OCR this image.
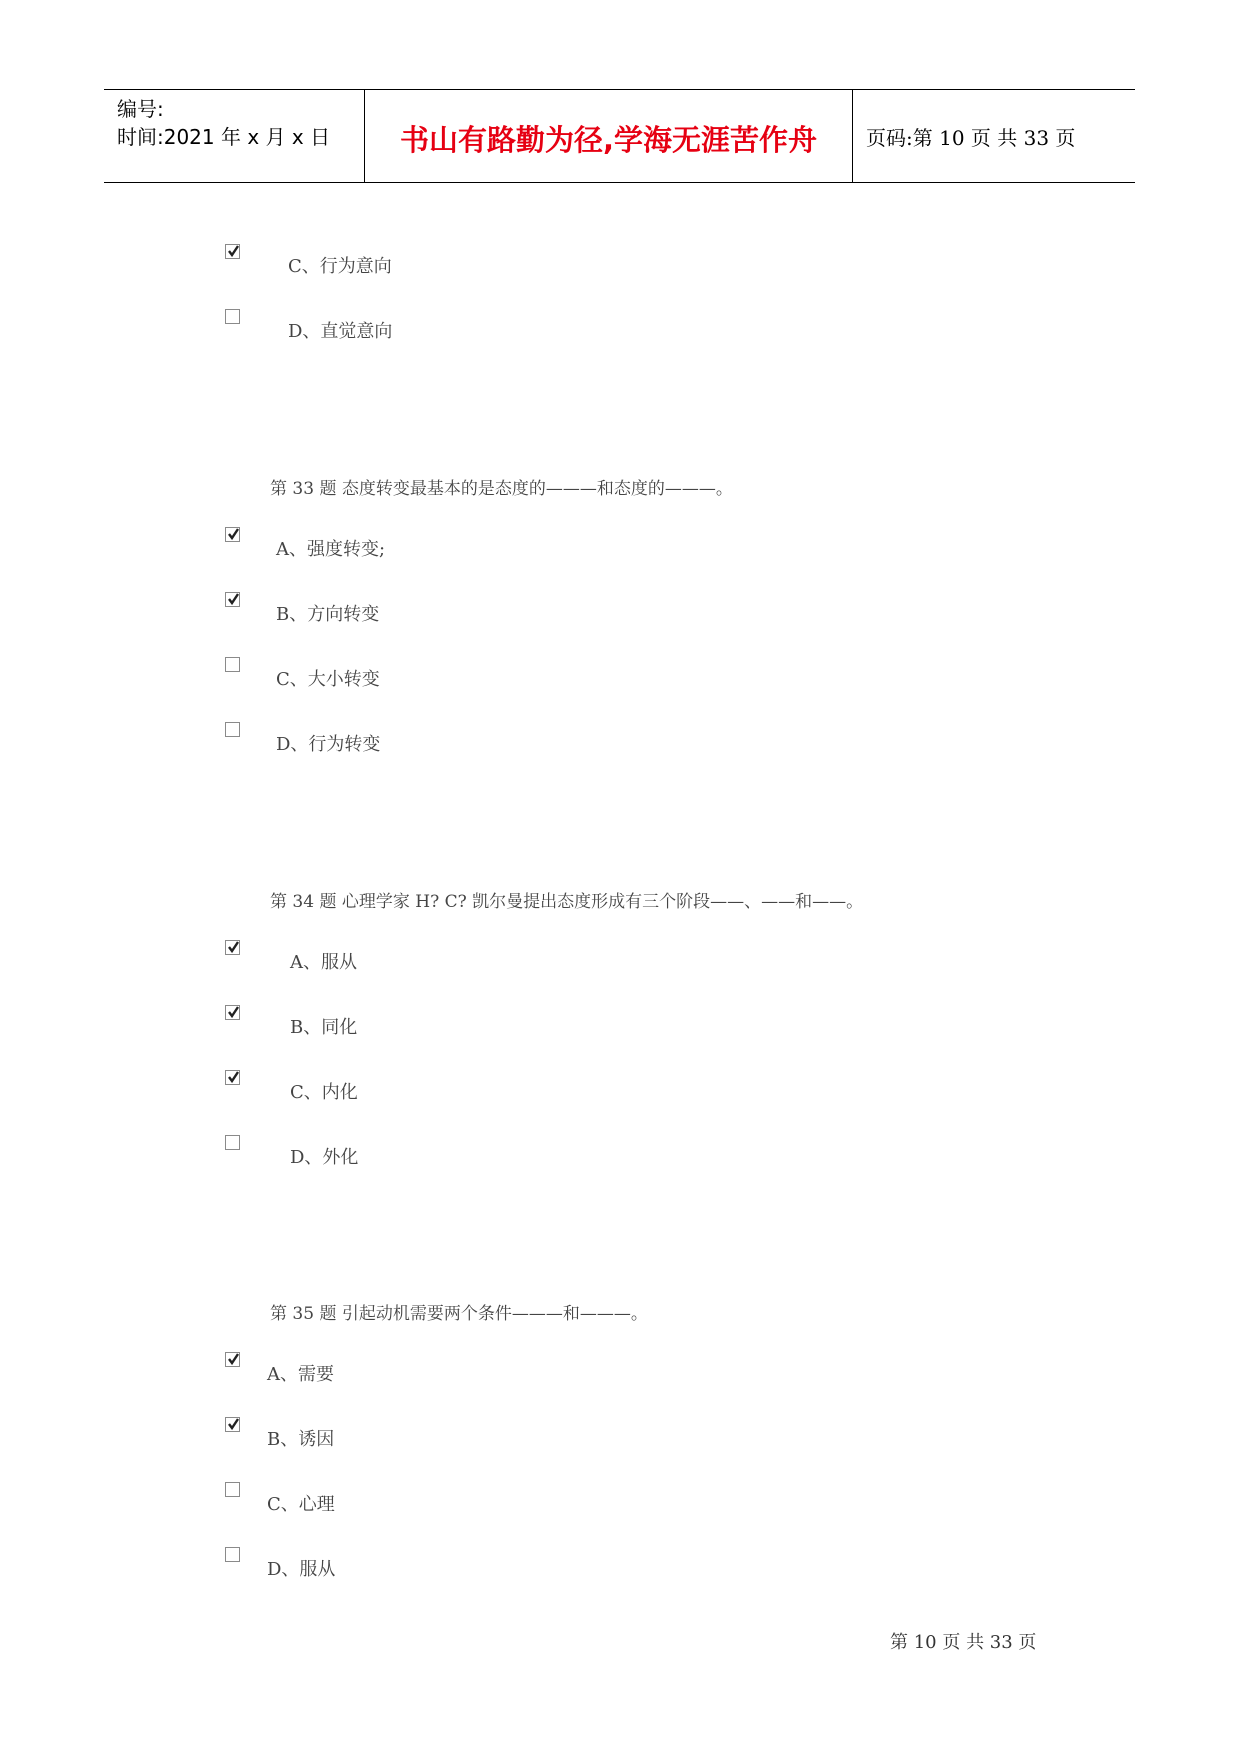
编号:
时间:2021 年 x 月 x 日	书山有路勤为径,学海无涯苦作舟	页码:第 10 页 共 33 页
C、行为意向
D、直觉意向
第 33 题 态度转变最基本的是态度的———和态度的———。
A、强度转变;
B、方向转变
C、大小转变
D、行为转变
第 34 题 心理学家 H? C? 凯尔曼提出态度形成有三个阶段——、——和——。
A、服从
B、同化
C、内化
D、外化
第 35 题 引起动机需要两个条件———和———。
A、需要
B、诱因
C、心理
D、服从
第 10 页 共 33 页
